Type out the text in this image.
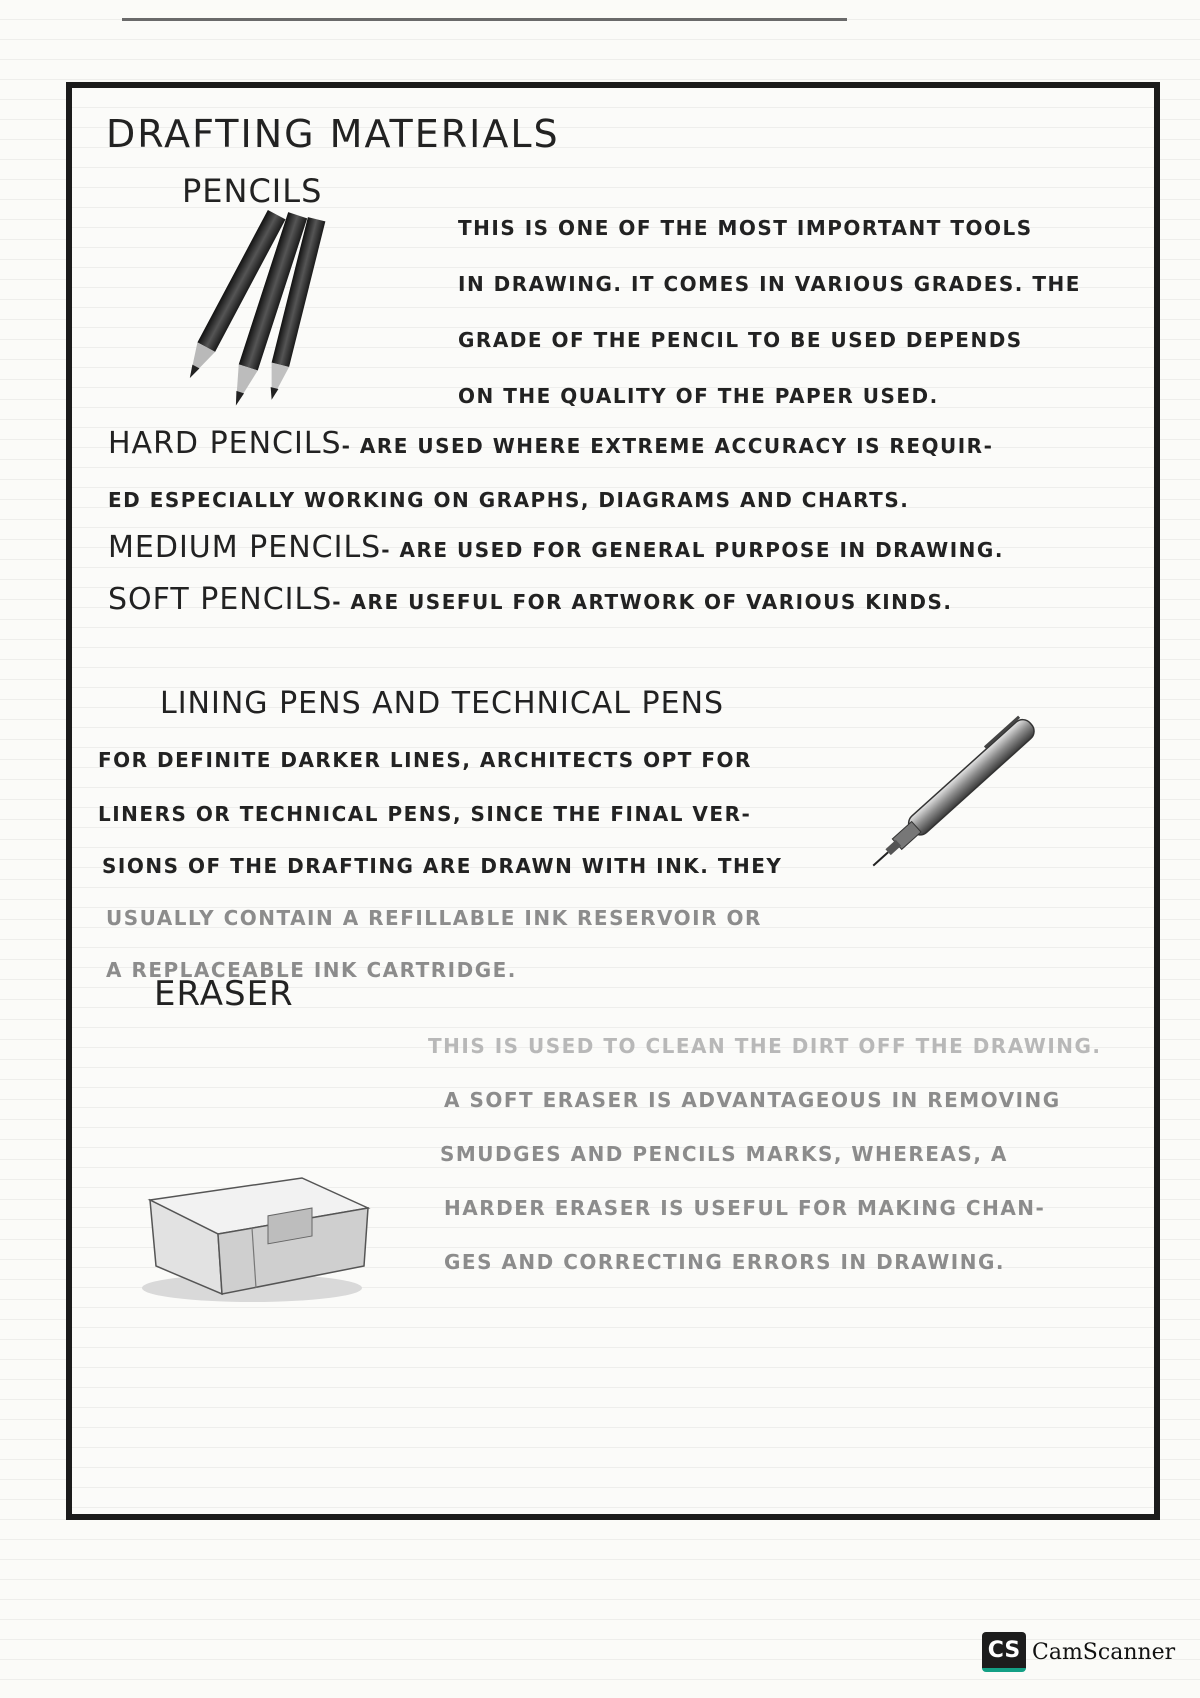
DRAFTING MATERIALS
PENCILS
THIS IS ONE OF THE MOST IMPORTANT TOOLS
IN DRAWING. IT COMES IN VARIOUS GRADES. THE
GRADE OF THE PENCIL TO BE USED DEPENDS
ON THE QUALITY OF THE PAPER USED.
HARD PENCILS- ARE USED WHERE EXTREME ACCURACY IS REQUIR-
ED ESPECIALLY WORKING ON GRAPHS, DIAGRAMS AND CHARTS.
MEDIUM PENCILS- ARE USED FOR GENERAL PURPOSE IN DRAWING.
SOFT PENCILS- ARE USEFUL FOR ARTWORK OF VARIOUS KINDS.
LINING PENS AND TECHNICAL PENS
FOR DEFINITE DARKER LINES, ARCHITECTS OPT FOR
LINERS OR TECHNICAL PENS, SINCE THE FINAL VER-
SIONS OF THE DRAFTING ARE DRAWN WITH INK. THEY
USUALLY CONTAIN A REFILLABLE INK RESERVOIR OR
A REPLACEABLE INK CARTRIDGE.
ERASER
THIS IS USED TO CLEAN THE DIRT OFF THE DRAWING.
A SOFT ERASER IS ADVANTAGEOUS IN REMOVING
SMUDGES AND PENCILS MARKS, WHEREAS, A
HARDER ERASER IS USEFUL FOR MAKING CHAN-
GES AND CORRECTING ERRORS IN DRAWING.
CS CamScanner
